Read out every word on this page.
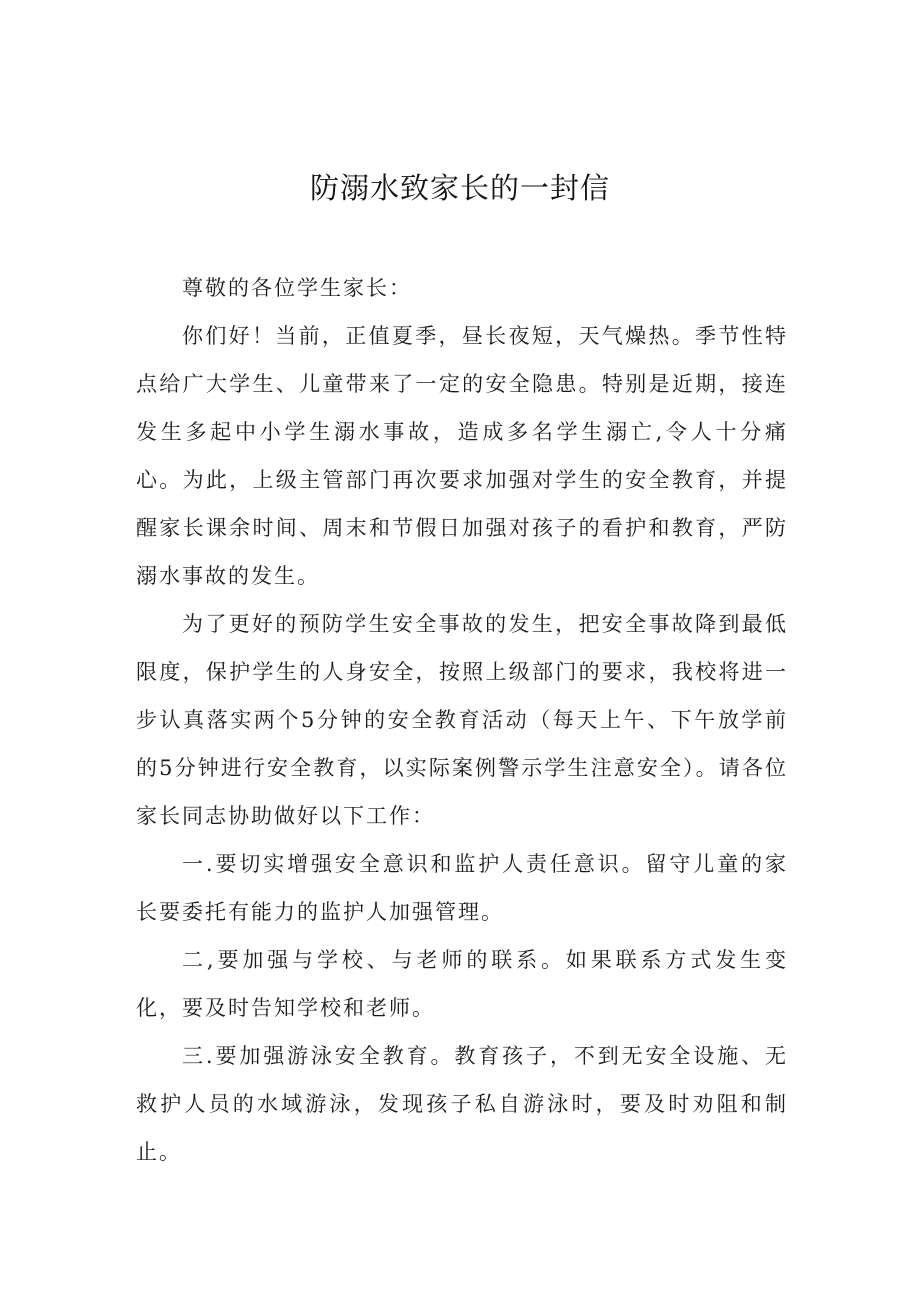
防溺水致家长的一封信

尊敬的各位学生家长：

你们好！当前，正值夏季，昼长夜短，天气燥热。季节性特点给广大学生、儿童带来了一定的安全隐患。特别是近期，接连发生多起中小学生溺水事故，造成多名学生溺亡,令人十分痛心。为此，上级主管部门再次要求加强对学生的安全教育，并提醒家长课余时间、周末和节假日加强对孩子的看护和教育，严防溺水事故的发生。

为了更好的预防学生安全事故的发生，把安全事故降到最低限度，保护学生的人身安全，按照上级部门的要求，我校将进一步认真落实两个5分钟的安全教育活动（每天上午、下午放学前的5分钟进行安全教育，以实际案例警示学生注意安全）。请各位家长同志协助做好以下工作：

一.要切实增强安全意识和监护人责任意识。留守儿童的家长要委托有能力的监护人加强管理。

二,要加强与学校、与老师的联系。如果联系方式发生变化，要及时告知学校和老师。

三.要加强游泳安全教育。教育孩子，不到无安全设施、无救护人员的水域游泳，发现孩子私自游泳时，要及时劝阻和制止。
